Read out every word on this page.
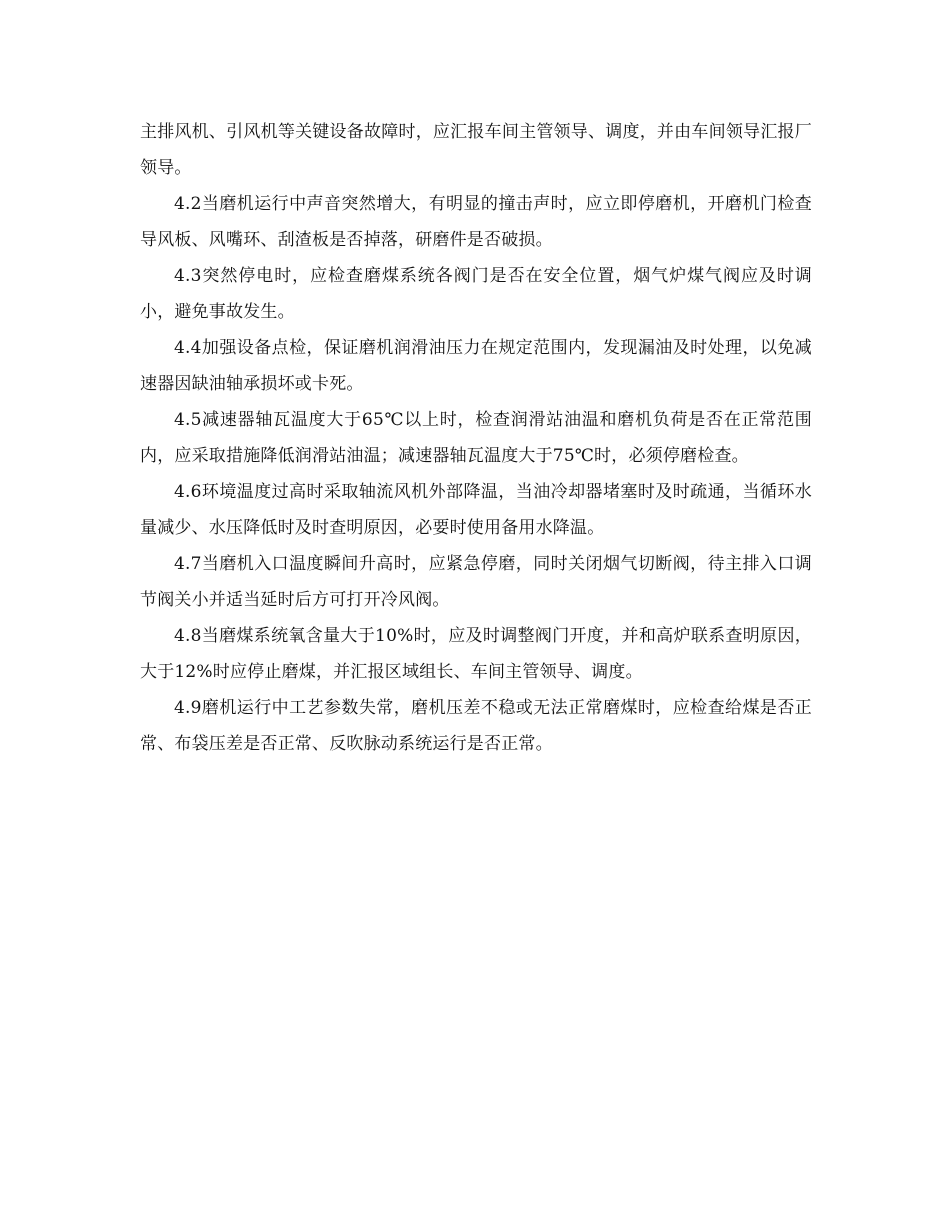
主排风机、引风机等关键设备故障时，应汇报车间主管领导、调度，并由车间领导汇报厂领导。

4.2当磨机运行中声音突然增大，有明显的撞击声时，应立即停磨机，开磨机门检查导风板、风嘴环、刮渣板是否掉落，研磨件是否破损。

4.3突然停电时，应检查磨煤系统各阀门是否在安全位置，烟气炉煤气阀应及时调小，避免事故发生。

4.4加强设备点检，保证磨机润滑油压力在规定范围内，发现漏油及时处理，以免减速器因缺油轴承损坏或卡死。

4.5减速器轴瓦温度大于65℃以上时，检查润滑站油温和磨机负荷是否在正常范围内，应采取措施降低润滑站油温；减速器轴瓦温度大于75℃时，必须停磨检查。

4.6环境温度过高时采取轴流风机外部降温，当油冷却器堵塞时及时疏通，当循环水量减少、水压降低时及时查明原因，必要时使用备用水降温。

4.7当磨机入口温度瞬间升高时，应紧急停磨，同时关闭烟气切断阀，待主排入口调节阀关小并适当延时后方可打开冷风阀。

4.8当磨煤系统氧含量大于10%时，应及时调整阀门开度，并和高炉联系查明原因，大于12%时应停止磨煤，并汇报区域组长、车间主管领导、调度。

4.9磨机运行中工艺参数失常，磨机压差不稳或无法正常磨煤时，应检查给煤是否正常、布袋压差是否正常、反吹脉动系统运行是否正常。
